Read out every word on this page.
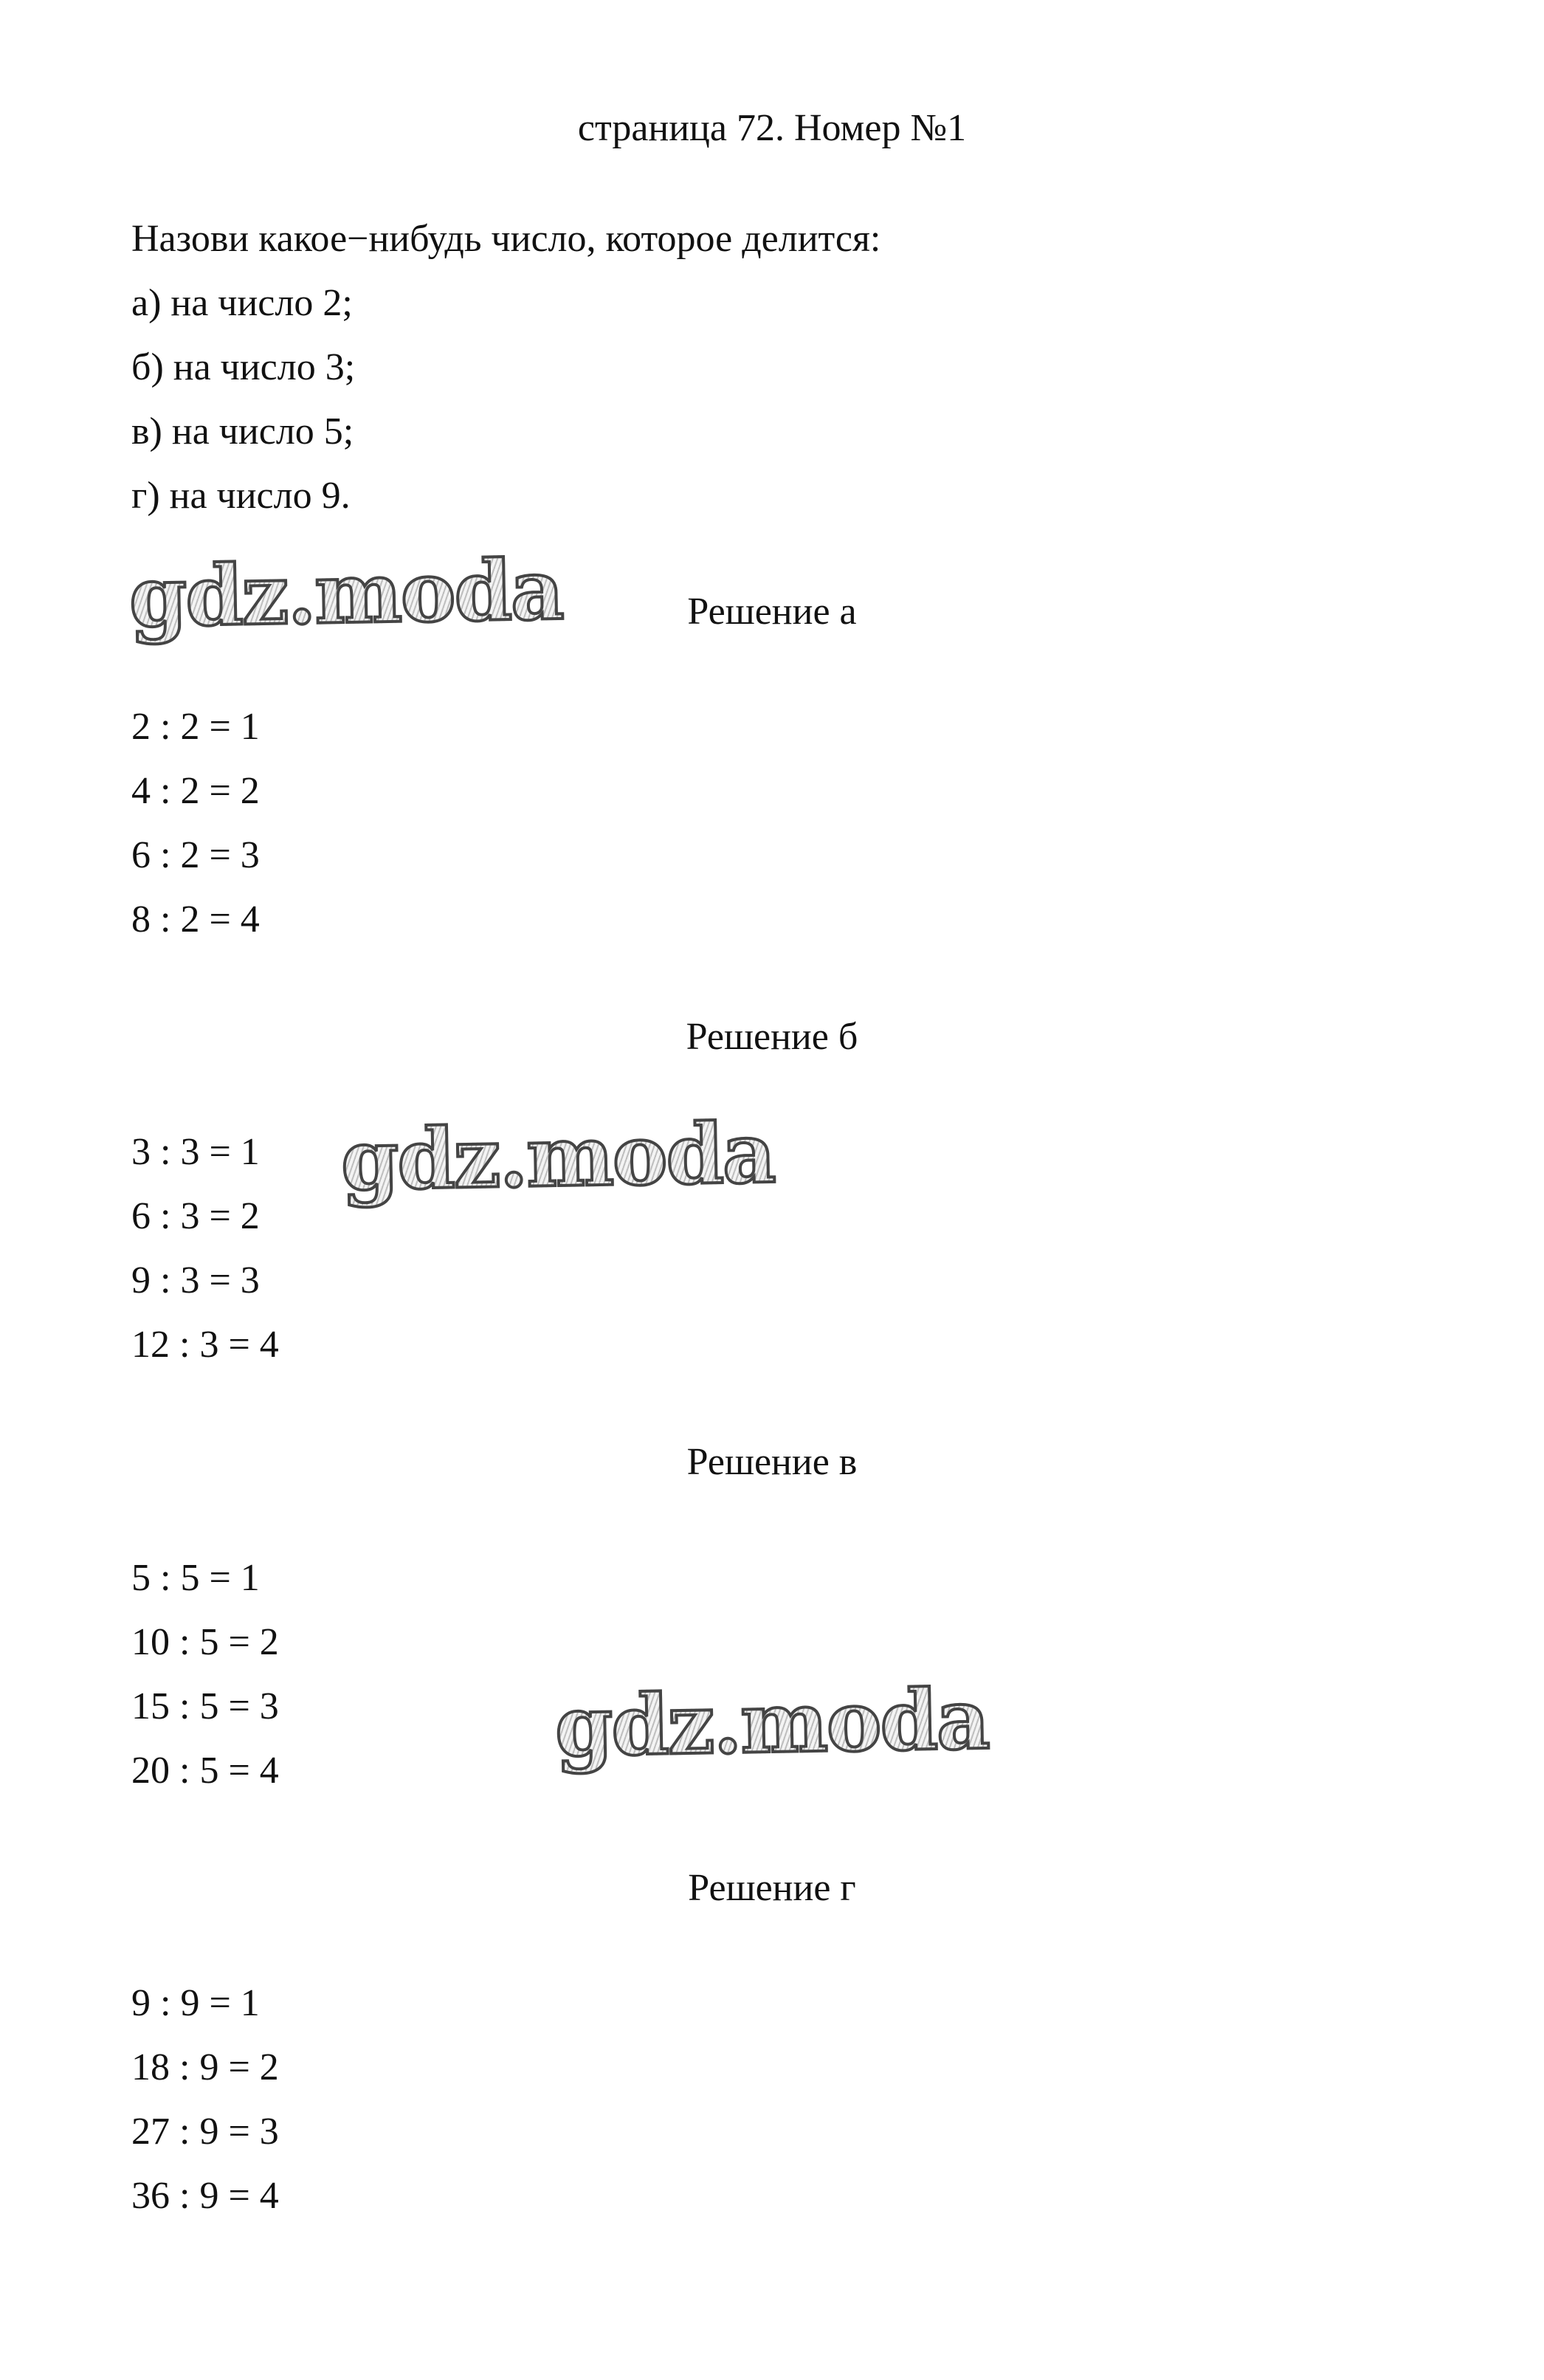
страница 72. Номер №1
Назови какое−нибудь число, которое делится:
а) на число 2;
б) на число 3;
в) на число 5;
г) на число 9.
Решение а
2 : 2 = 1
4 : 2 = 2
6 : 2 = 3
8 : 2 = 4
Решение б
3 : 3 = 1
6 : 3 = 2
9 : 3 = 3
12 : 3 = 4
Решение в
5 : 5 = 1
10 : 5 = 2
15 : 5 = 3
20 : 5 = 4
Решение г
9 : 9 = 1
18 : 9 = 2
27 : 9 = 3
36 : 9 = 4
gdz.moda
gdz.moda
gdz.moda
